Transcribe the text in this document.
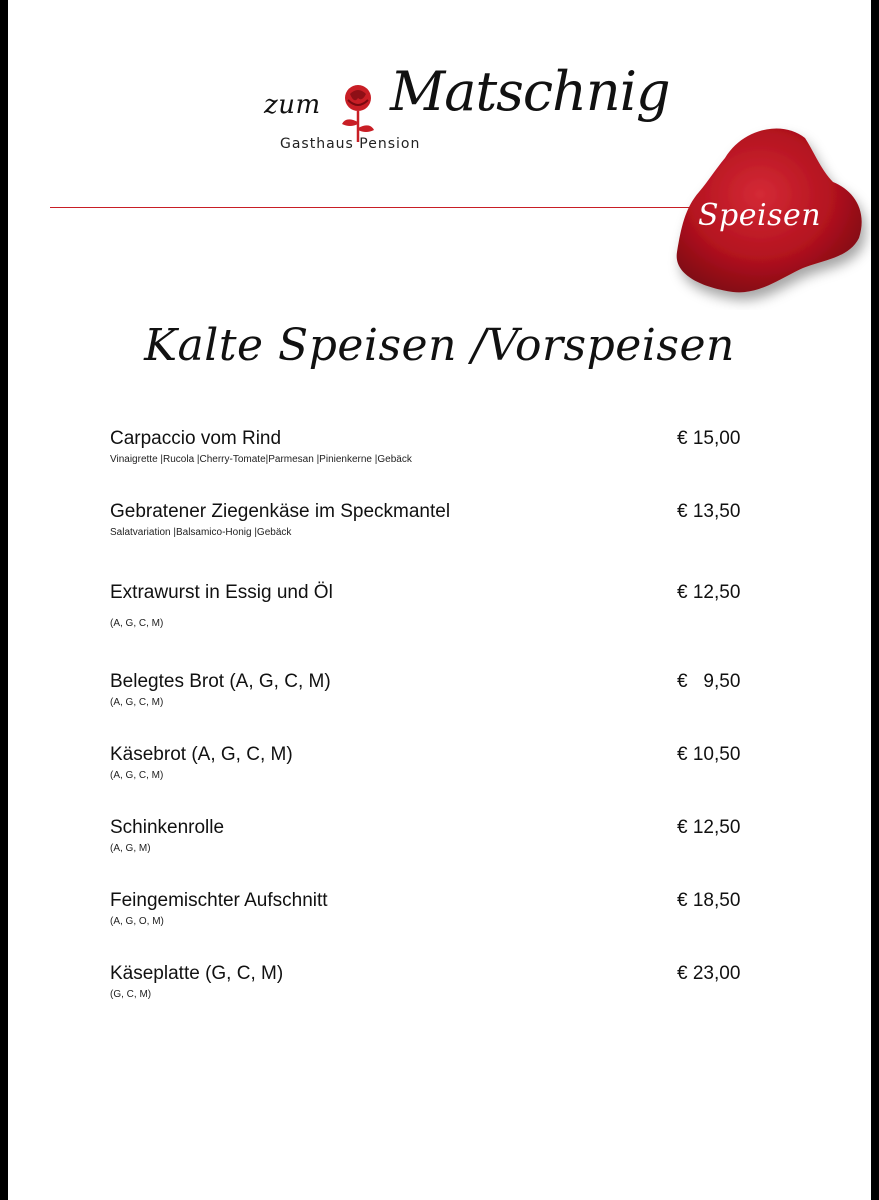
zum Matschnig
Gasthaus Pension
Speisen
Kalte Speisen /Vorspeisen
Carpaccio vom Rind
Vinaigrette |Rucola |Cherry-Tomate|Parmesan |Pinienkerne |Gebäck
€ 15,00
Gebratener Ziegenkäse im Speckmantel
Salatvariation |Balsamico-Honig |Gebäck
€ 13,50
Extrawurst in Essig und Öl
(A, G, C, M)
€ 12,50
Belegtes Brot (A, G, C, M)
(A, G, C, M)
€   9,50
Käsebrot (A, G, C, M)
(A, G, C, M)
€ 10,50
Schinkenrolle
(A, G, M)
€ 12,50
Feingemischter Aufschnitt
(A, G, O, M)
€ 18,50
Käseplatte (G, C, M)
(G, C, M)
€ 23,00
